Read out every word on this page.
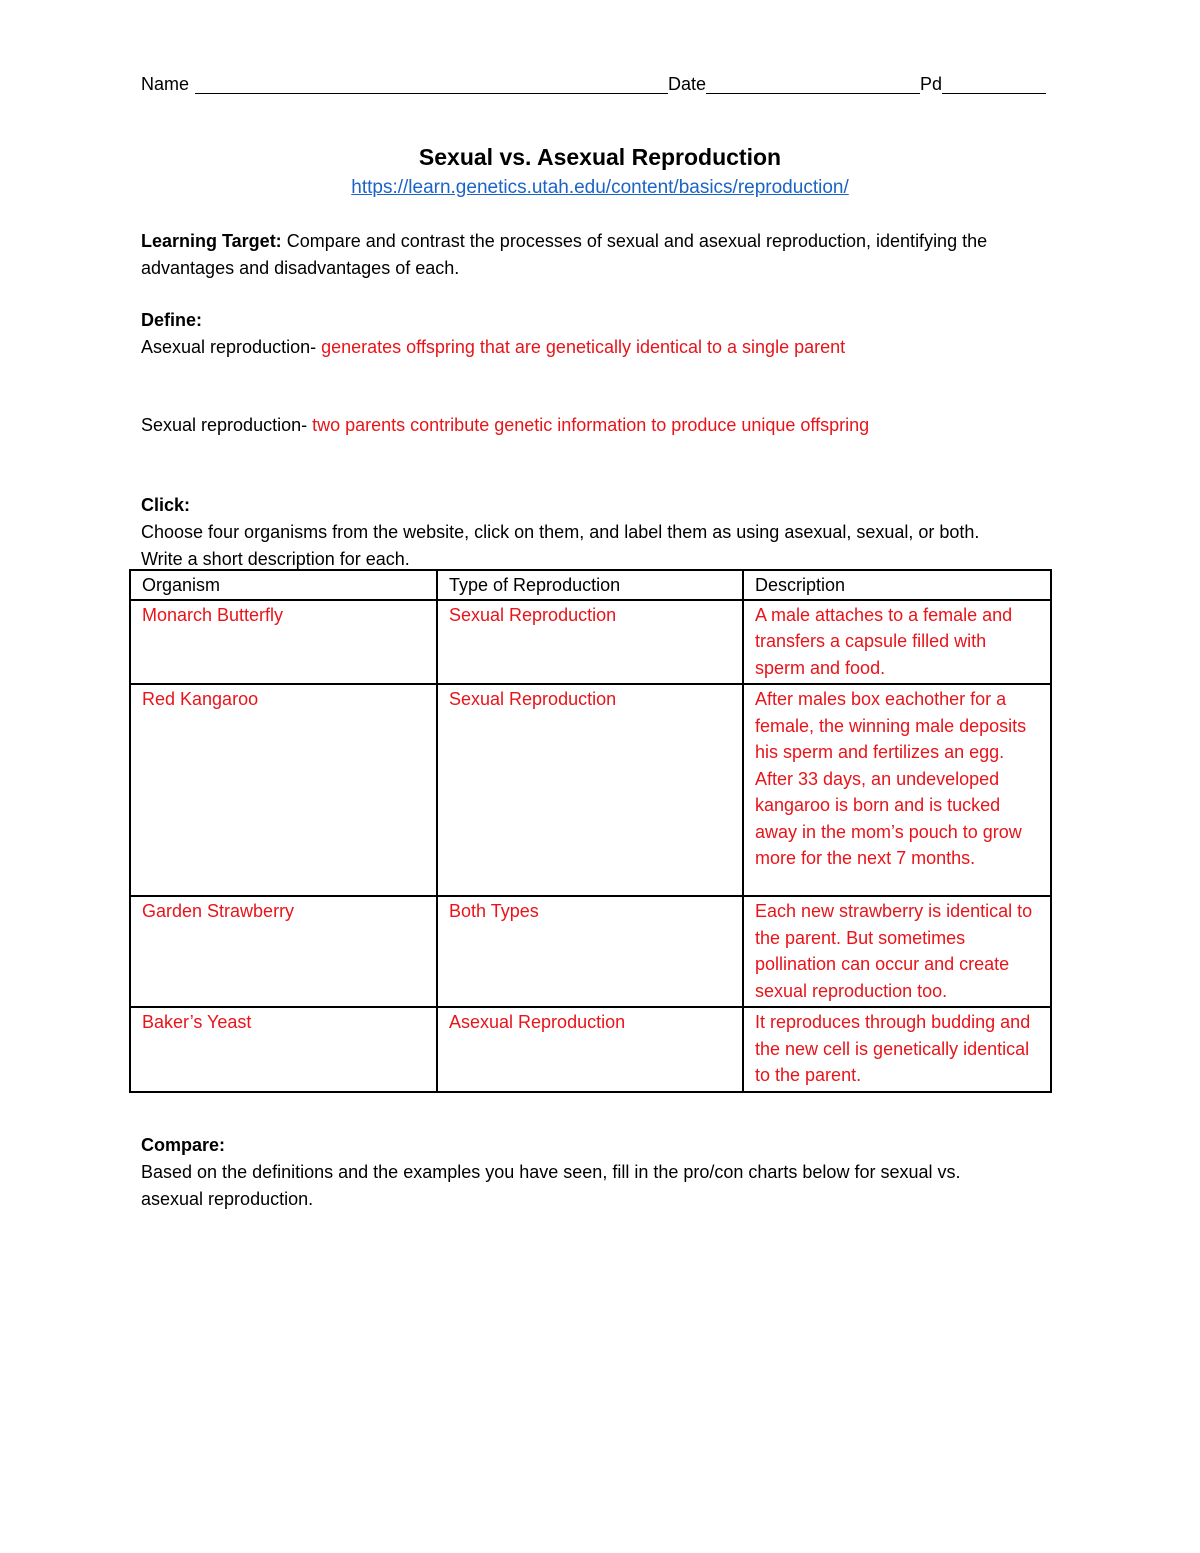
Name	Date	Pd
Sexual vs. Asexual Reproduction
https://learn.genetics.utah.edu/content/basics/reproduction/
Learning Target: Compare and contrast the processes of sexual and asexual reproduction, identifying the
advantages and disadvantages of each.
Define:
Asexual reproduction- generates offspring that are genetically identical to a single parent
Sexual reproduction- two parents contribute genetic information to produce unique offspring
Click:
Choose four organisms from the website, click on them, and label them as using asexual, sexual, or both.
Write a short description for each.
Organism	Type of Reproduction	Description
Monarch Butterfly	Sexual Reproduction	A male attaches to a female and transfers a capsule filled with sperm and food.
Red Kangaroo	Sexual Reproduction	After males box eachother for a female, the winning male deposits his sperm and fertilizes an egg. After 33 days, an undeveloped kangaroo is born and is tucked away in the mom’s pouch to grow more for the next 7 months.
Garden Strawberry	Both Types	Each new strawberry is identical to the parent. But sometimes pollination can occur and create sexual reproduction too.
Baker’s Yeast	Asexual Reproduction	It reproduces through budding and the new cell is genetically identical to the parent.
Compare:
Based on the definitions and the examples you have seen, fill in the pro/con charts below for sexual vs.
asexual reproduction.
